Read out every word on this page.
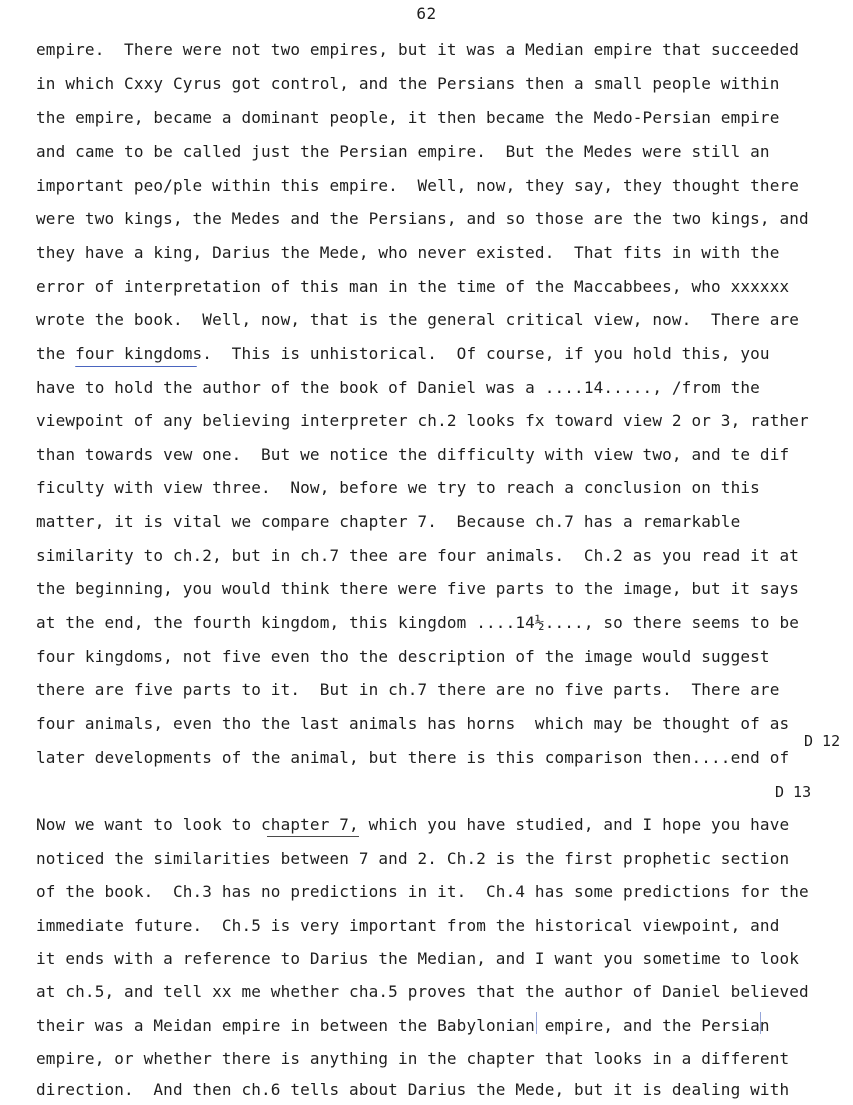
62
empire.  There were not two empires, but it was a Median empire that succeeded
in which Cxxy Cyrus got control, and the Persians then a small people within
the empire, became a dominant people, it then became the Medo-Persian empire
and came to be called just the Persian empire.  But the Medes were still an
important peo/ple within this empire.  Well, now, they say, they thought there
were two kings, the Medes and the Persians, and so those are the two kings, and
they have a king, Darius the Mede, who never existed.  That fits in with the
error of interpretation of this man in the time of the Maccabbees, who xxxxxx
wrote the book.  Well, now, that is the general critical view, now.  There are
the four kingdoms.  This is unhistorical.  Of course, if you hold this, you
have to hold the author of the book of Daniel was a ....14....., /from the
viewpoint of any believing interpreter ch.2 looks fx toward view 2 or 3, rather
than towards vew one.  But we notice the difficulty with view two, and te dif
ficulty with view three.  Now, before we try to reach a conclusion on this
matter, it is vital we compare chapter 7.  Because ch.7 has a remarkable
similarity to ch.2, but in ch.7 thee are four animals.  Ch.2 as you read it at
the beginning, you would think there were five parts to the image, but it says
at the end, the fourth kingdom, this kingdom ....14½...., so there seems to be
four kingdoms, not five even tho the description of the image would suggest
there are five parts to it.  But in ch.7 there are no five parts.  There are
four animals, even tho the last animals has horns  which may be thought of as
later developments of the animal, but there is this comparison then....end of
D 12
D 13
Now we want to look to chapter 7, which you have studied, and I hope you have
noticed the similarities between 7 and 2. Ch.2 is the first prophetic section
of the book.  Ch.3 has no predictions in it.  Ch.4 has some predictions for the
immediate future.  Ch.5 is very important from the historical viewpoint, and
it ends with a reference to Darius the Median, and I want you sometime to look
at ch.5, and tell xx me whether cha.5 proves that the author of Daniel believed
their was a Meidan empire in between the Babylonian empire, and the Persian
empire, or whether there is anything in the chapter that looks in a different
direction.  And then ch.6 tells about Darius the Mede, but it is dealing with
